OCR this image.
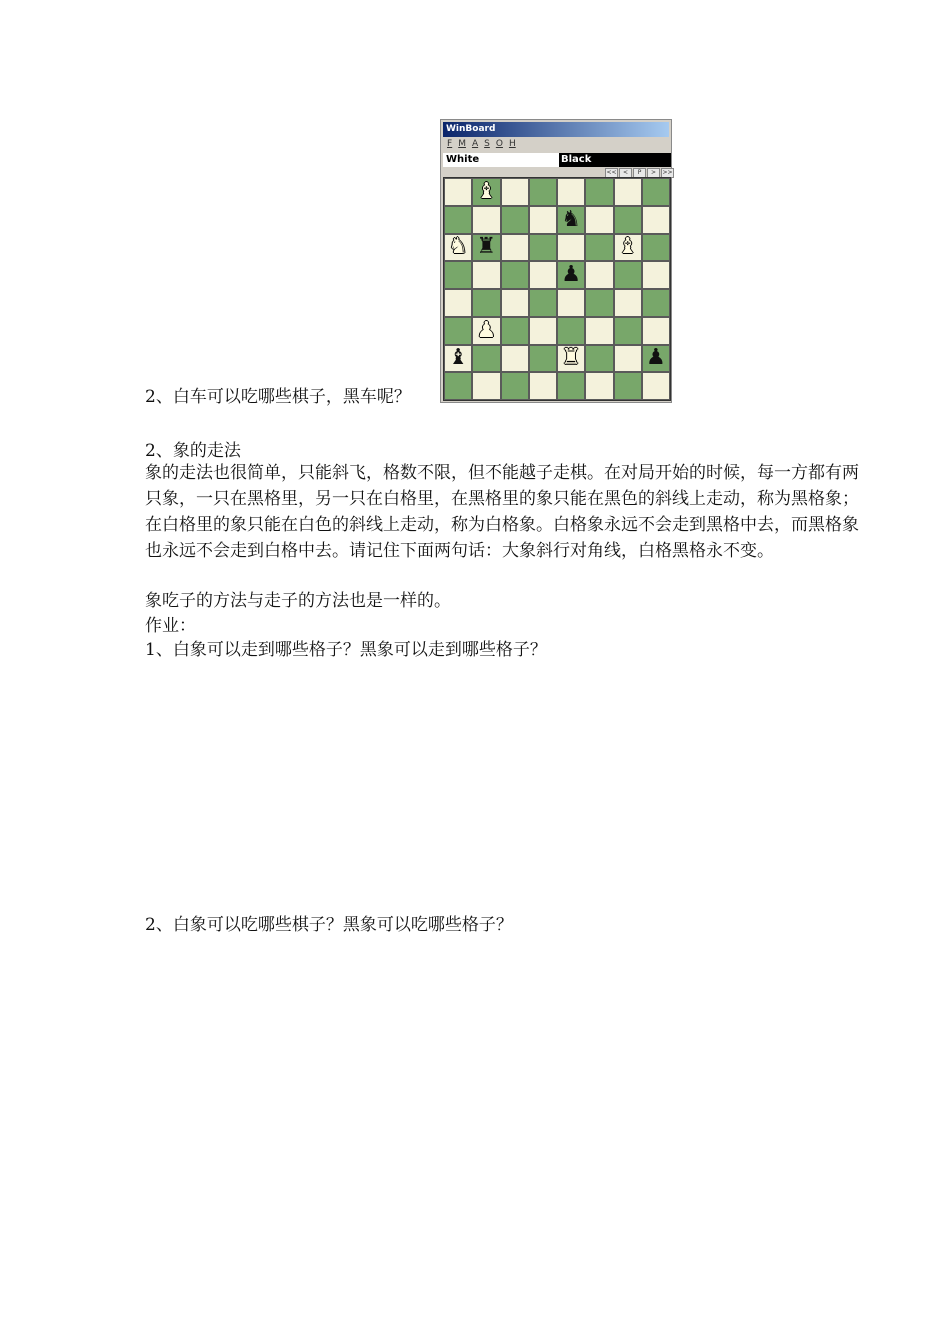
2、白车可以吃哪些棋子，黑车呢？
WinBoard
F M A S O H
White	Black
<<	<	P	>	>>
♝
♞
♞ ♜	♝
♟
♟
♝	♜	♟
2、象的走法
象的走法也很简单，只能斜飞，格数不限，但不能越子走棋。在对局开始的时候，每一方都有两只象，一只在黑格里，另一只在白格里，在黑格里的象只能在黑色的斜线上走动，称为黑格象；在白格里的象只能在白色的斜线上走动，称为白格象。白格象永远不会走到黑格中去，而黑格象也永远不会走到白格中去。请记住下面两句话：大象斜行对角线，白格黑格永不变。
象吃子的方法与走子的方法也是一样的。
作业：
1、白象可以走到哪些格子？黑象可以走到哪些格子？
2、白象可以吃哪些棋子？黑象可以吃哪些格子？
